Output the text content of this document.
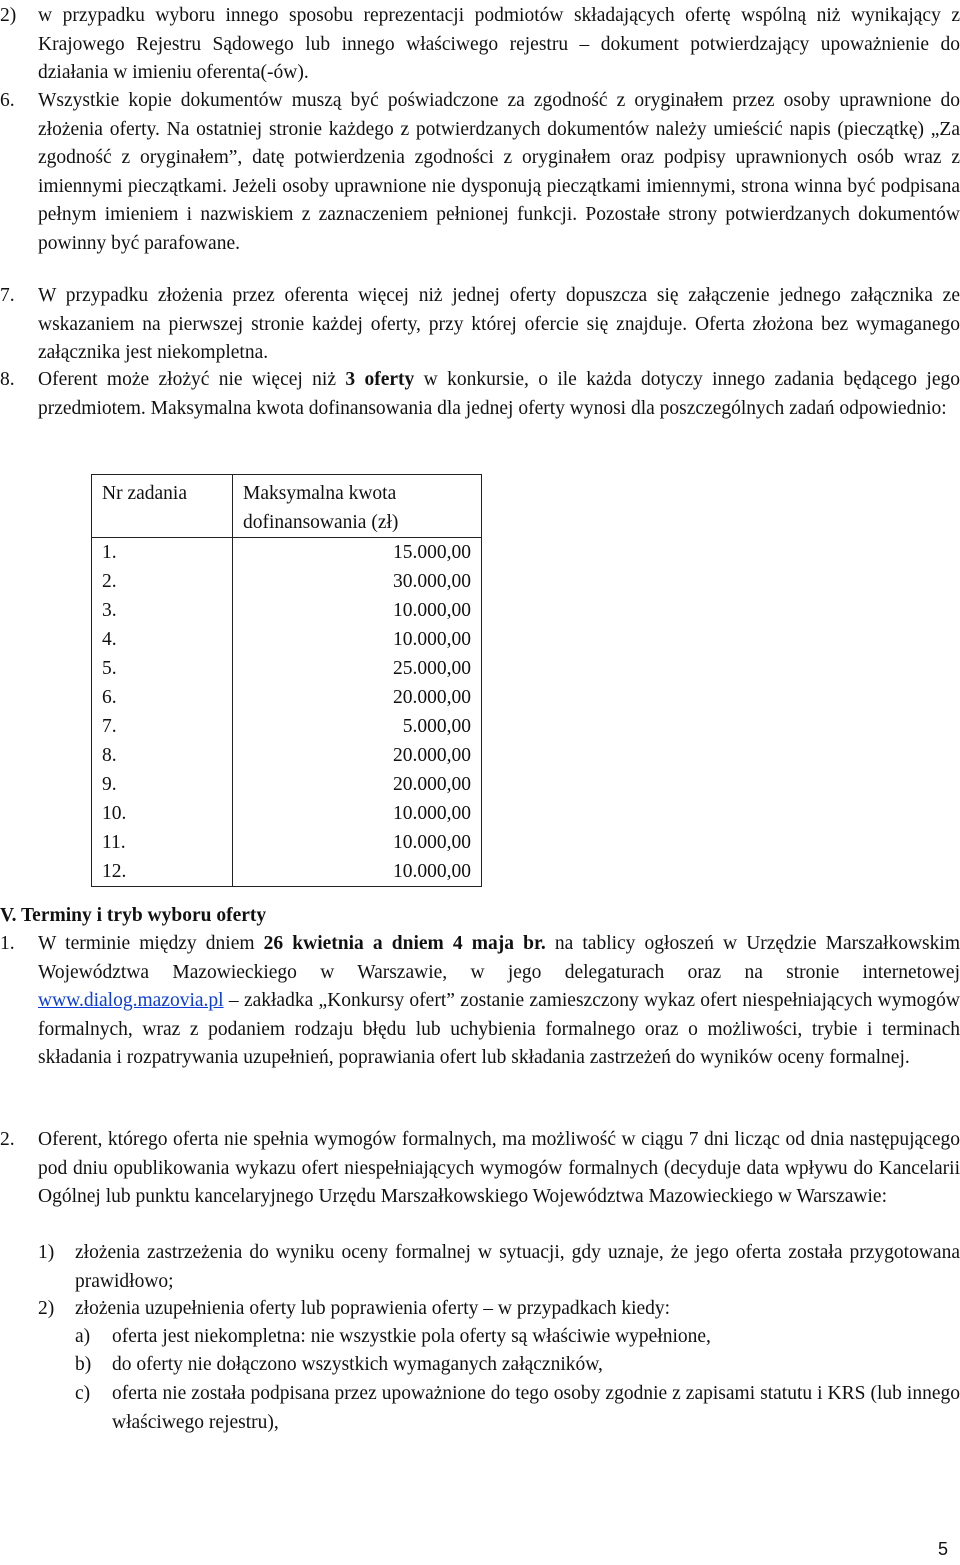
2) w przypadku wyboru innego sposobu reprezentacji podmiotów składających ofertę wspólną niż wynikający z Krajowego Rejestru Sądowego lub innego właściwego rejestru – dokument potwierdzający upoważnienie do działania w imieniu oferenta(-ów).
6. Wszystkie kopie dokumentów muszą być poświadczone za zgodność z oryginałem przez osoby uprawnione do złożenia oferty. Na ostatniej stronie każdego z potwierdzanych dokumentów należy umieścić napis (pieczątkę) „Za zgodność z oryginałem”, datę potwierdzenia zgodności z oryginałem oraz podpisy uprawnionych osób wraz z imiennymi pieczątkami. Jeżeli osoby uprawnione nie dysponują pieczątkami imiennymi, strona winna być podpisana pełnym imieniem i nazwiskiem z zaznaczeniem pełnionej funkcji. Pozostałe strony potwierdzanych dokumentów powinny być parafowane.
7. W przypadku złożenia przez oferenta więcej niż jednej oferty dopuszcza się załączenie jednego załącznika ze wskazaniem na pierwszej stronie każdej oferty, przy której ofercie się znajduje. Oferta złożona bez wymaganego załącznika jest niekompletna.
8. Oferent może złożyć nie więcej niż 3 oferty w konkursie, o ile każda dotyczy innego zadania będącego jego przedmiotem. Maksymalna kwota dofinansowania dla jednej oferty wynosi dla poszczególnych zadań odpowiednio:
Nr zadania	Maksymalna kwota dofinansowania (zł)
1.	15.000,00
2.	30.000,00
3.	10.000,00
4.	10.000,00
5.	25.000,00
6.	20.000,00
7.	5.000,00
8.	20.000,00
9.	20.000,00
10.	10.000,00
11.	10.000,00
12.	10.000,00
V. Terminy i tryb wyboru oferty
1. W terminie między dniem 26 kwietnia a dniem 4 maja br. na tablicy ogłoszeń w Urzędzie Marszałkowskim Województwa Mazowieckiego w Warszawie, w jego delegaturach oraz na stronie internetowej www.dialog.mazovia.pl – zakładka „Konkursy ofert” zostanie zamieszczony wykaz ofert niespełniających wymogów formalnych, wraz z podaniem rodzaju błędu lub uchybienia formalnego oraz o możliwości, trybie i terminach składania i rozpatrywania uzupełnień, poprawiania ofert lub składania zastrzeżeń do wyników oceny formalnej.
2. Oferent, którego oferta nie spełnia wymogów formalnych, ma możliwość w ciągu 7 dni licząc od dnia następującego pod dniu opublikowania wykazu ofert niespełniających wymogów formalnych (decyduje data wpływu do Kancelarii Ogólnej lub punktu kancelaryjnego Urzędu Marszałkowskiego Województwa Mazowieckiego w Warszawie:
1) złożenia zastrzeżenia do wyniku oceny formalnej w sytuacji, gdy uznaje, że jego oferta została przygotowana prawidłowo;
2) złożenia uzupełnienia oferty lub poprawienia oferty – w przypadkach kiedy:
a) oferta jest niekompletna: nie wszystkie pola oferty są właściwie wypełnione,
b) do oferty nie dołączono wszystkich wymaganych załączników,
c) oferta nie została podpisana przez upoważnione do tego osoby zgodnie z zapisami statutu i KRS (lub innego właściwego rejestru),
5
